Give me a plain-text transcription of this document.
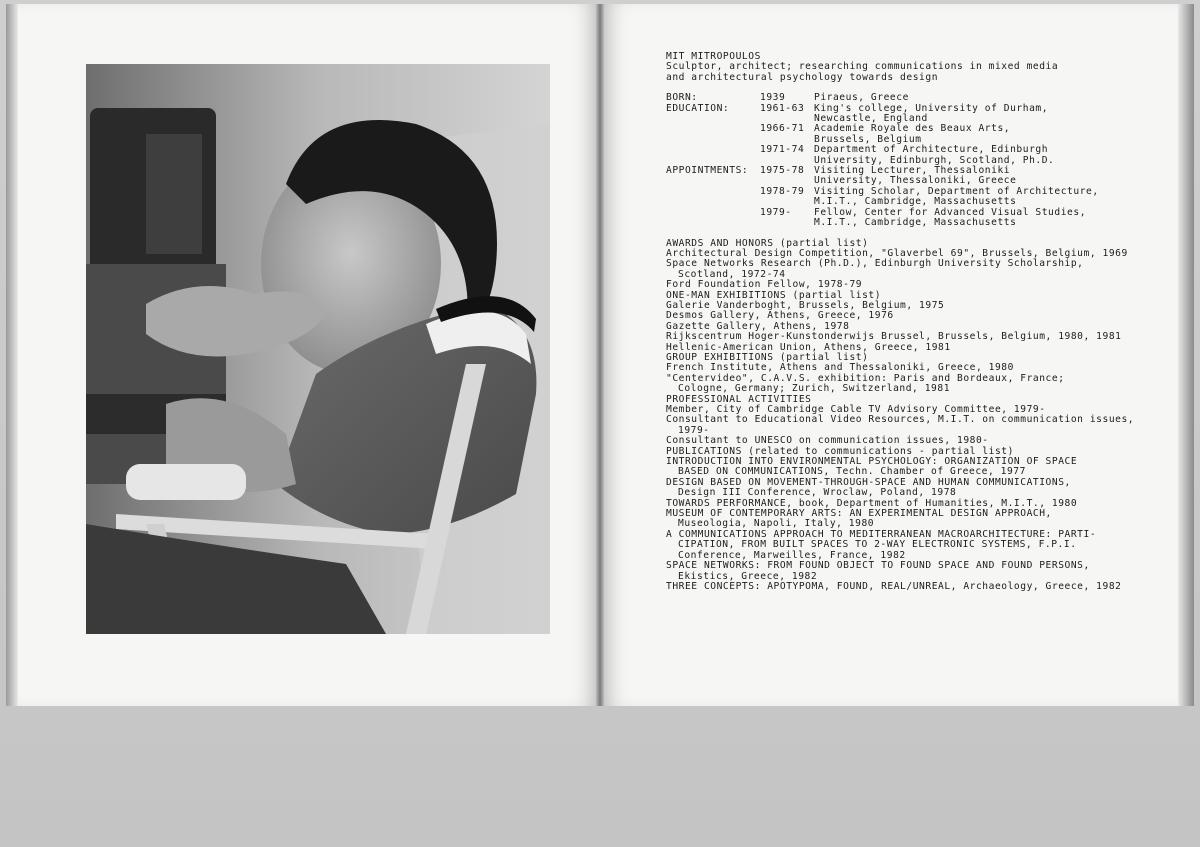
MIT MITROPOULOS
Sculptor, architect; researching communications in mixed media
and architectural psychology towards design
BORN:	1939	Piraeus, Greece
EDUCATION:	1961-63	King's college, University of Durham,
Newcastle, England
1966-71	Academie Royale des Beaux Arts,
Brussels, Belgium
1971-74	Department of Architecture, Edinburgh
University, Edinburgh, Scotland, Ph.D.
APPOINTMENTS:	1975-78	Visiting Lecturer, Thessaloniki
University, Thessaloniki, Greece
1978-79	Visiting Scholar, Department of Architecture,
M.I.T., Cambridge, Massachusetts
1979-	Fellow, Center for Advanced Visual Studies,
M.I.T., Cambridge, Massachusetts
AWARDS AND HONORS (partial list)
Architectural Design Competition, "Glaverbel 69", Brussels, Belgium, 1969
Space Networks Research (Ph.D.), Edinburgh University Scholarship,
Scotland, 1972-74
Ford Foundation Fellow, 1978-79
ONE-MAN EXHIBITIONS (partial list)
Galerie Vanderboght, Brussels, Belgium, 1975
Desmos Gallery, Athens, Greece, 1976
Gazette Gallery, Athens, 1978
Rijkscentrum Hoger-Kunstonderwijs Brussel, Brussels, Belgium, 1980, 1981
Hellenic-American Union, Athens, Greece, 1981
GROUP EXHIBITIONS (partial list)
French Institute, Athens and Thessaloniki, Greece, 1980
"Centervideo", C.A.V.S. exhibition: Paris and Bordeaux, France;
Cologne, Germany; Zurich, Switzerland, 1981
PROFESSIONAL ACTIVITIES
Member, City of Cambridge Cable TV Advisory Committee, 1979-
Consultant to Educational Video Resources, M.I.T. on communication issues,
1979-
Consultant to UNESCO on communication issues, 1980-
PUBLICATIONS (related to communications - partial list)
INTRODUCTION INTO ENVIRONMENTAL PSYCHOLOGY: ORGANIZATION OF SPACE
BASED ON COMMUNICATIONS, Techn. Chamber of Greece, 1977
DESIGN BASED ON MOVEMENT-THROUGH-SPACE AND HUMAN COMMUNICATIONS,
Design III Conference, Wroclaw, Poland, 1978
TOWARDS PERFORMANCE, book, Department of Humanities, M.I.T., 1980
MUSEUM OF CONTEMPORARY ARTS: AN EXPERIMENTAL DESIGN APPROACH,
Museologia, Napoli, Italy, 1980
A COMMUNICATIONS APPROACH TO MEDITERRANEAN MACROARCHITECTURE: PARTI-
CIPATION, FROM BUILT SPACES TO 2-WAY ELECTRONIC SYSTEMS, F.P.I.
Conference, Marweilles, France, 1982
SPACE NETWORKS: FROM FOUND OBJECT TO FOUND SPACE AND FOUND PERSONS,
Ekistics, Greece, 1982
THREE CONCEPTS: APOTYPOMA, FOUND, REAL/UNREAL, Archaeology, Greece, 1982
